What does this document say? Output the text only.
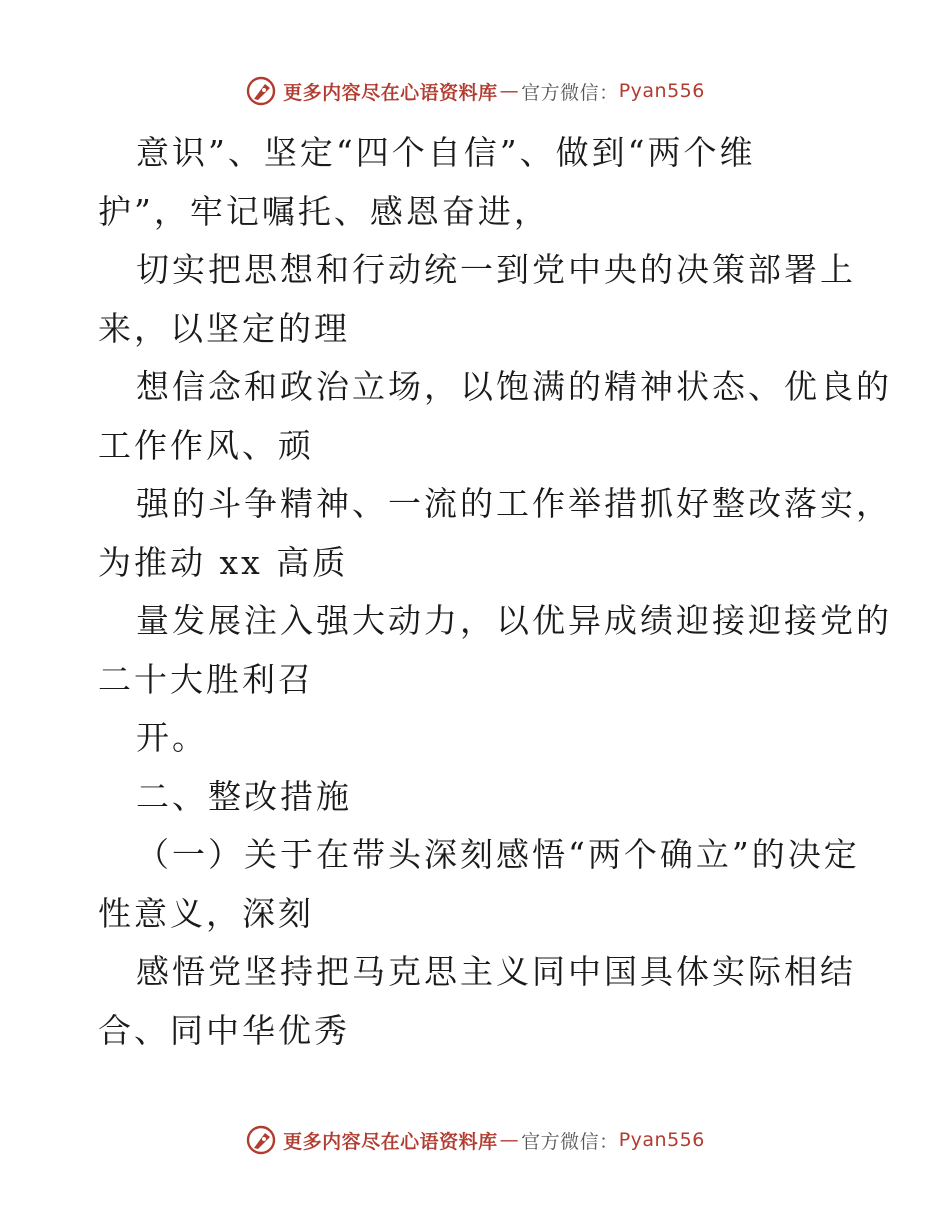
更多内容尽在心语资料库 — 官方微信： Pyan556
意识”、坚定“四个自信”、做到“两个维
护”，牢记嘱托、感恩奋进，
切实把思想和行动统一到党中央的决策部署上
来，以坚定的理
想信念和政治立场，以饱满的精神状态、优良的
工作作风、顽
强的斗争精神、一流的工作举措抓好整改落实，
为推动 xx 高质
量发展注入强大动力，以优异成绩迎接迎接党的
二十大胜利召
开。
二、整改措施
（一）关于在带头深刻感悟“两个确立”的决定
性意义，深刻
感悟党坚持把马克思主义同中国具体实际相结
合、同中华优秀
更多内容尽在心语资料库 — 官方微信： Pyan556
